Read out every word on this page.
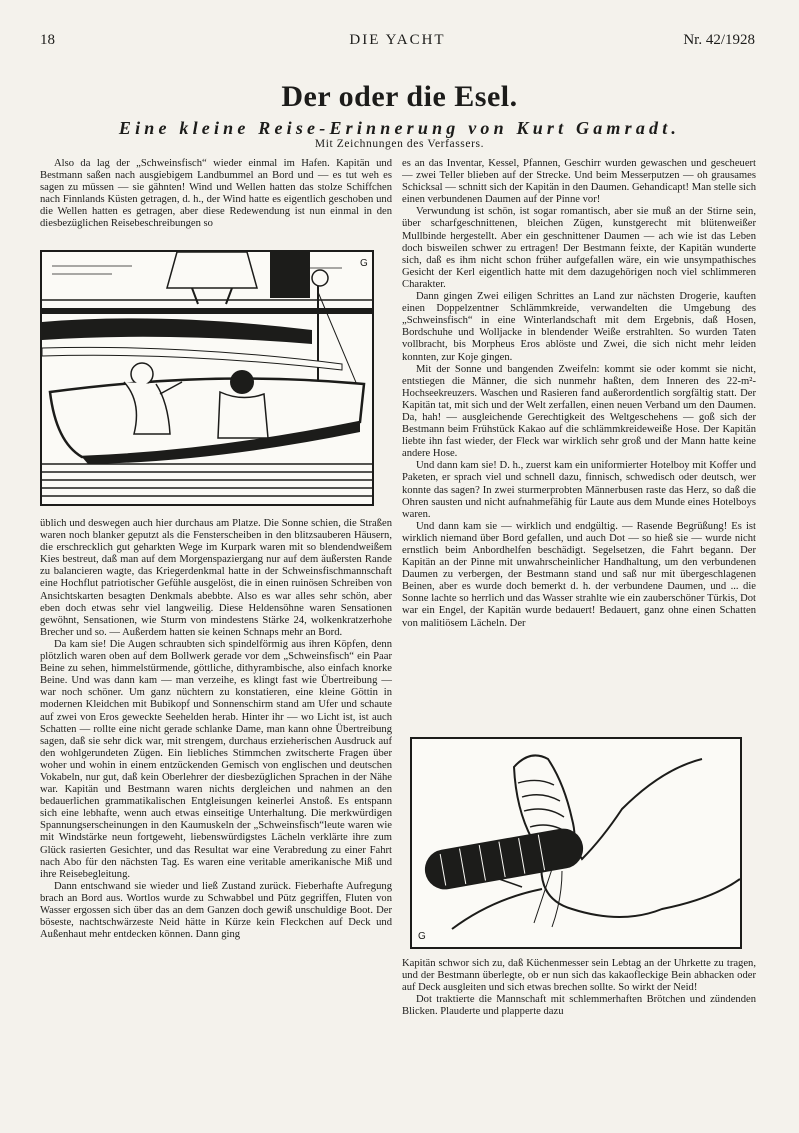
18	DIE YACHT	Nr. 42/1928
Der oder die Esel.
Eine kleine Reise-Erinnerung von Kurt Gamradt.
Mit Zeichnungen des Verfassers.

Also da lag der „Schweinsfisch“ wieder einmal im Hafen. Kapitän und Bestmann saßen nach ausgiebigem Landbummel an Bord und — es tut weh es sagen zu müssen — sie gähnten! Wind und Wellen hatten das stolze Schiffchen nach Finnlands Küsten getragen, d. h., der Wind hatte es eigentlich geschoben und die Wellen hatten es getragen, aber diese Redewendung ist nun einmal in den diesbezüglichen Reisebeschreibungen so

G

üblich und deswegen auch hier durchaus am Platze. Die Sonne schien, die Straßen waren noch blanker geputzt als die Fensterscheiben in den blitzsauberen Häusern, die erschrecklich gut geharkten Wege im Kurpark waren mit so blendendweißem Kies bestreut, daß man auf dem Morgenspaziergang nur auf dem äußersten Rande zu balancieren wagte, das Kriegerdenkmal hatte in der Schweinsfischmannschaft eine Hochflut patriotischer Gefühle ausgelöst, die in einen ruinösen Schreiben von Ansichtskarten besagten Denkmals abebbte. Also es war alles sehr schön, aber eben doch etwas sehr viel langweilig. Diese Heldensöhne waren Sensationen gewöhnt, Sensationen, wie Sturm von mindestens Stärke 24, wolkenkratzerhohe Brecher und so. — Außerdem hatten sie keinen Schnaps mehr an Bord.

Da kam sie! Die Augen schraubten sich spindelförmig aus ihren Köpfen, denn plötzlich waren oben auf dem Bollwerk gerade vor dem „Schweinsfisch“ ein Paar Beine zu sehen, himmelstürmende, göttliche, dithyrambische, also einfach knorke Beine. Und was dann kam — man verzeihe, es klingt fast wie Übertreibung — war noch schöner. Um ganz nüchtern zu konstatieren, eine kleine Göttin in modernen Kleidchen mit Bubikopf und Sonnenschirm stand am Ufer und schaute auf zwei von Eros geweckte Seehelden herab. Hinter ihr — wo Licht ist, ist auch Schatten — rollte eine nicht gerade schlanke Dame, man kann ohne Übertreibung sagen, daß sie sehr dick war, mit strengem, durchaus erzieherischen Ausdruck auf den wohlgerundeten Zügen. Ein liebliches Stimmchen zwitscherte Fragen über woher und wohin in einem entzückenden Gemisch von englischen und deutschen Vokabeln, nur gut, daß kein Oberlehrer der diesbezüglichen Sprachen in der Nähe war. Kapitän und Bestmann waren nichts dergleichen und nahmen an den bedauerlichen grammatikalischen Entgleisungen keinerlei Anstoß. Es entspann sich eine lebhafte, wenn auch etwas einseitige Unterhaltung. Die merkwürdigen Spannungserscheinungen in den Kaumuskeln der „Schweinsfisch“leute waren wie mit Windstärke neun fortgeweht, liebenswürdigstes Lächeln verklärte ihre zum Glück rasierten Gesichter, und das Resultat war eine Verabredung zu einer Fahrt nach Abo für den nächsten Tag. Es waren eine veritable amerikanische Miß und ihre Reisebegleitung.

Dann entschwand sie wieder und ließ Zustand zurück. Fieberhafte Aufregung brach an Bord aus. Wortlos wurde zu Schwabbel und Pütz gegriffen, Fluten von Wasser ergossen sich über das an dem Ganzen doch gewiß unschuldige Boot. Der böseste, nachtschwärzeste Neid hätte in Kürze kein Fleckchen auf Deck und Außenhaut mehr entdecken können. Dann ging

es an das Inventar, Kessel, Pfannen, Geschirr wurden gewaschen und gescheuert — zwei Teller blieben auf der Strecke. Und beim Messerputzen — oh grausames Schicksal — schnitt sich der Kapitän in den Daumen. Gehandicapt! Man stelle sich einen verbundenen Daumen auf der Pinne vor!

Verwundung ist schön, ist sogar romantisch, aber sie muß an der Stirne sein, über scharfgeschnittenen, bleichen Zügen, kunstgerecht mit blütenweißer Mullbinde hergestellt. Aber ein geschnittener Daumen — ach wie ist das Leben doch bisweilen schwer zu ertragen! Der Bestmann feixte, der Kapitän wunderte sich, daß es ihm nicht schon früher aufgefallen wäre, ein wie unsympathisches Gesicht der Kerl eigentlich hatte mit dem dazugehörigen noch viel schlimmeren Charakter.

Dann gingen Zwei eiligen Schrittes an Land zur nächsten Drogerie, kauften einen Doppelzentner Schlämmkreide, verwandelten die Umgebung des „Schweinsfisch“ in eine Winterlandschaft mit dem Ergebnis, daß Hosen, Bordschuhe und Wolljacke in blendender Weiße erstrahlten. So wurden Taten vollbracht, bis Morpheus Eros ablöste und Zwei, die sich nicht mehr leiden konnten, zur Koje gingen.

Mit der Sonne und bangenden Zweifeln: kommt sie oder kommt sie nicht, entstiegen die Männer, die sich nunmehr haßten, dem Inneren des 22-m²-Hochseekreuzers. Waschen und Rasieren fand außerordentlich sorgfältig statt. Der Kapitän tat, mit sich und der Welt zerfallen, einen neuen Verband um den Daumen. Da, hah! — ausgleichende Gerechtigkeit des Weltgeschehens — goß sich der Bestmann beim Frühstück Kakao auf die schlämmkreideweiße Hose. Der Kapitän liebte ihn fast wieder, der Fleck war wirklich sehr groß und der Mann hatte keine andere Hose.

Und dann kam sie! D. h., zuerst kam ein uniformierter Hotelboy mit Koffer und Paketen, er sprach viel und schnell dazu, finnisch, schwedisch oder deutsch, wer konnte das sagen? In zwei sturmerprobten Männerbusen raste das Herz, so daß die Ohren sausten und nicht aufnahmefähig für Laute aus dem Munde eines Hotelboys waren.

Und dann kam sie — wirklich und endgültig. — Rasende Begrüßung! Es ist wirklich niemand über Bord gefallen, und auch Dot — so hieß sie — wurde nicht ernstlich beim Anbordhelfen beschädigt. Segelsetzen, die Fahrt begann. Der Kapitän an der Pinne mit unwahrscheinlicher Handhaltung, um den verbundenen Daumen zu verbergen, der Bestmann stand und saß nur mit übergeschlagenen Beinen, aber es wurde doch bemerkt d. h. der verbundene Daumen, und ... die Sonne lachte so herrlich und das Wasser strahlte wie ein zauberschöner Türkis, Dot war ein Engel, der Kapitän wurde bedauert! Bedauert, ganz ohne einen Schatten von malitiösem Lächeln. Der

G

Kapitän schwor sich zu, daß Küchenmesser sein Lebtag an der Uhrkette zu tragen, und der Bestmann überlegte, ob er nun sich das kakaofleckige Bein abhacken oder auf Deck ausgleiten und sich etwas brechen sollte. So wirkt der Neid!

Dot traktierte die Mannschaft mit schlemmerhaften Brötchen und zündenden Blicken. Plauderte und plapperte dazu
